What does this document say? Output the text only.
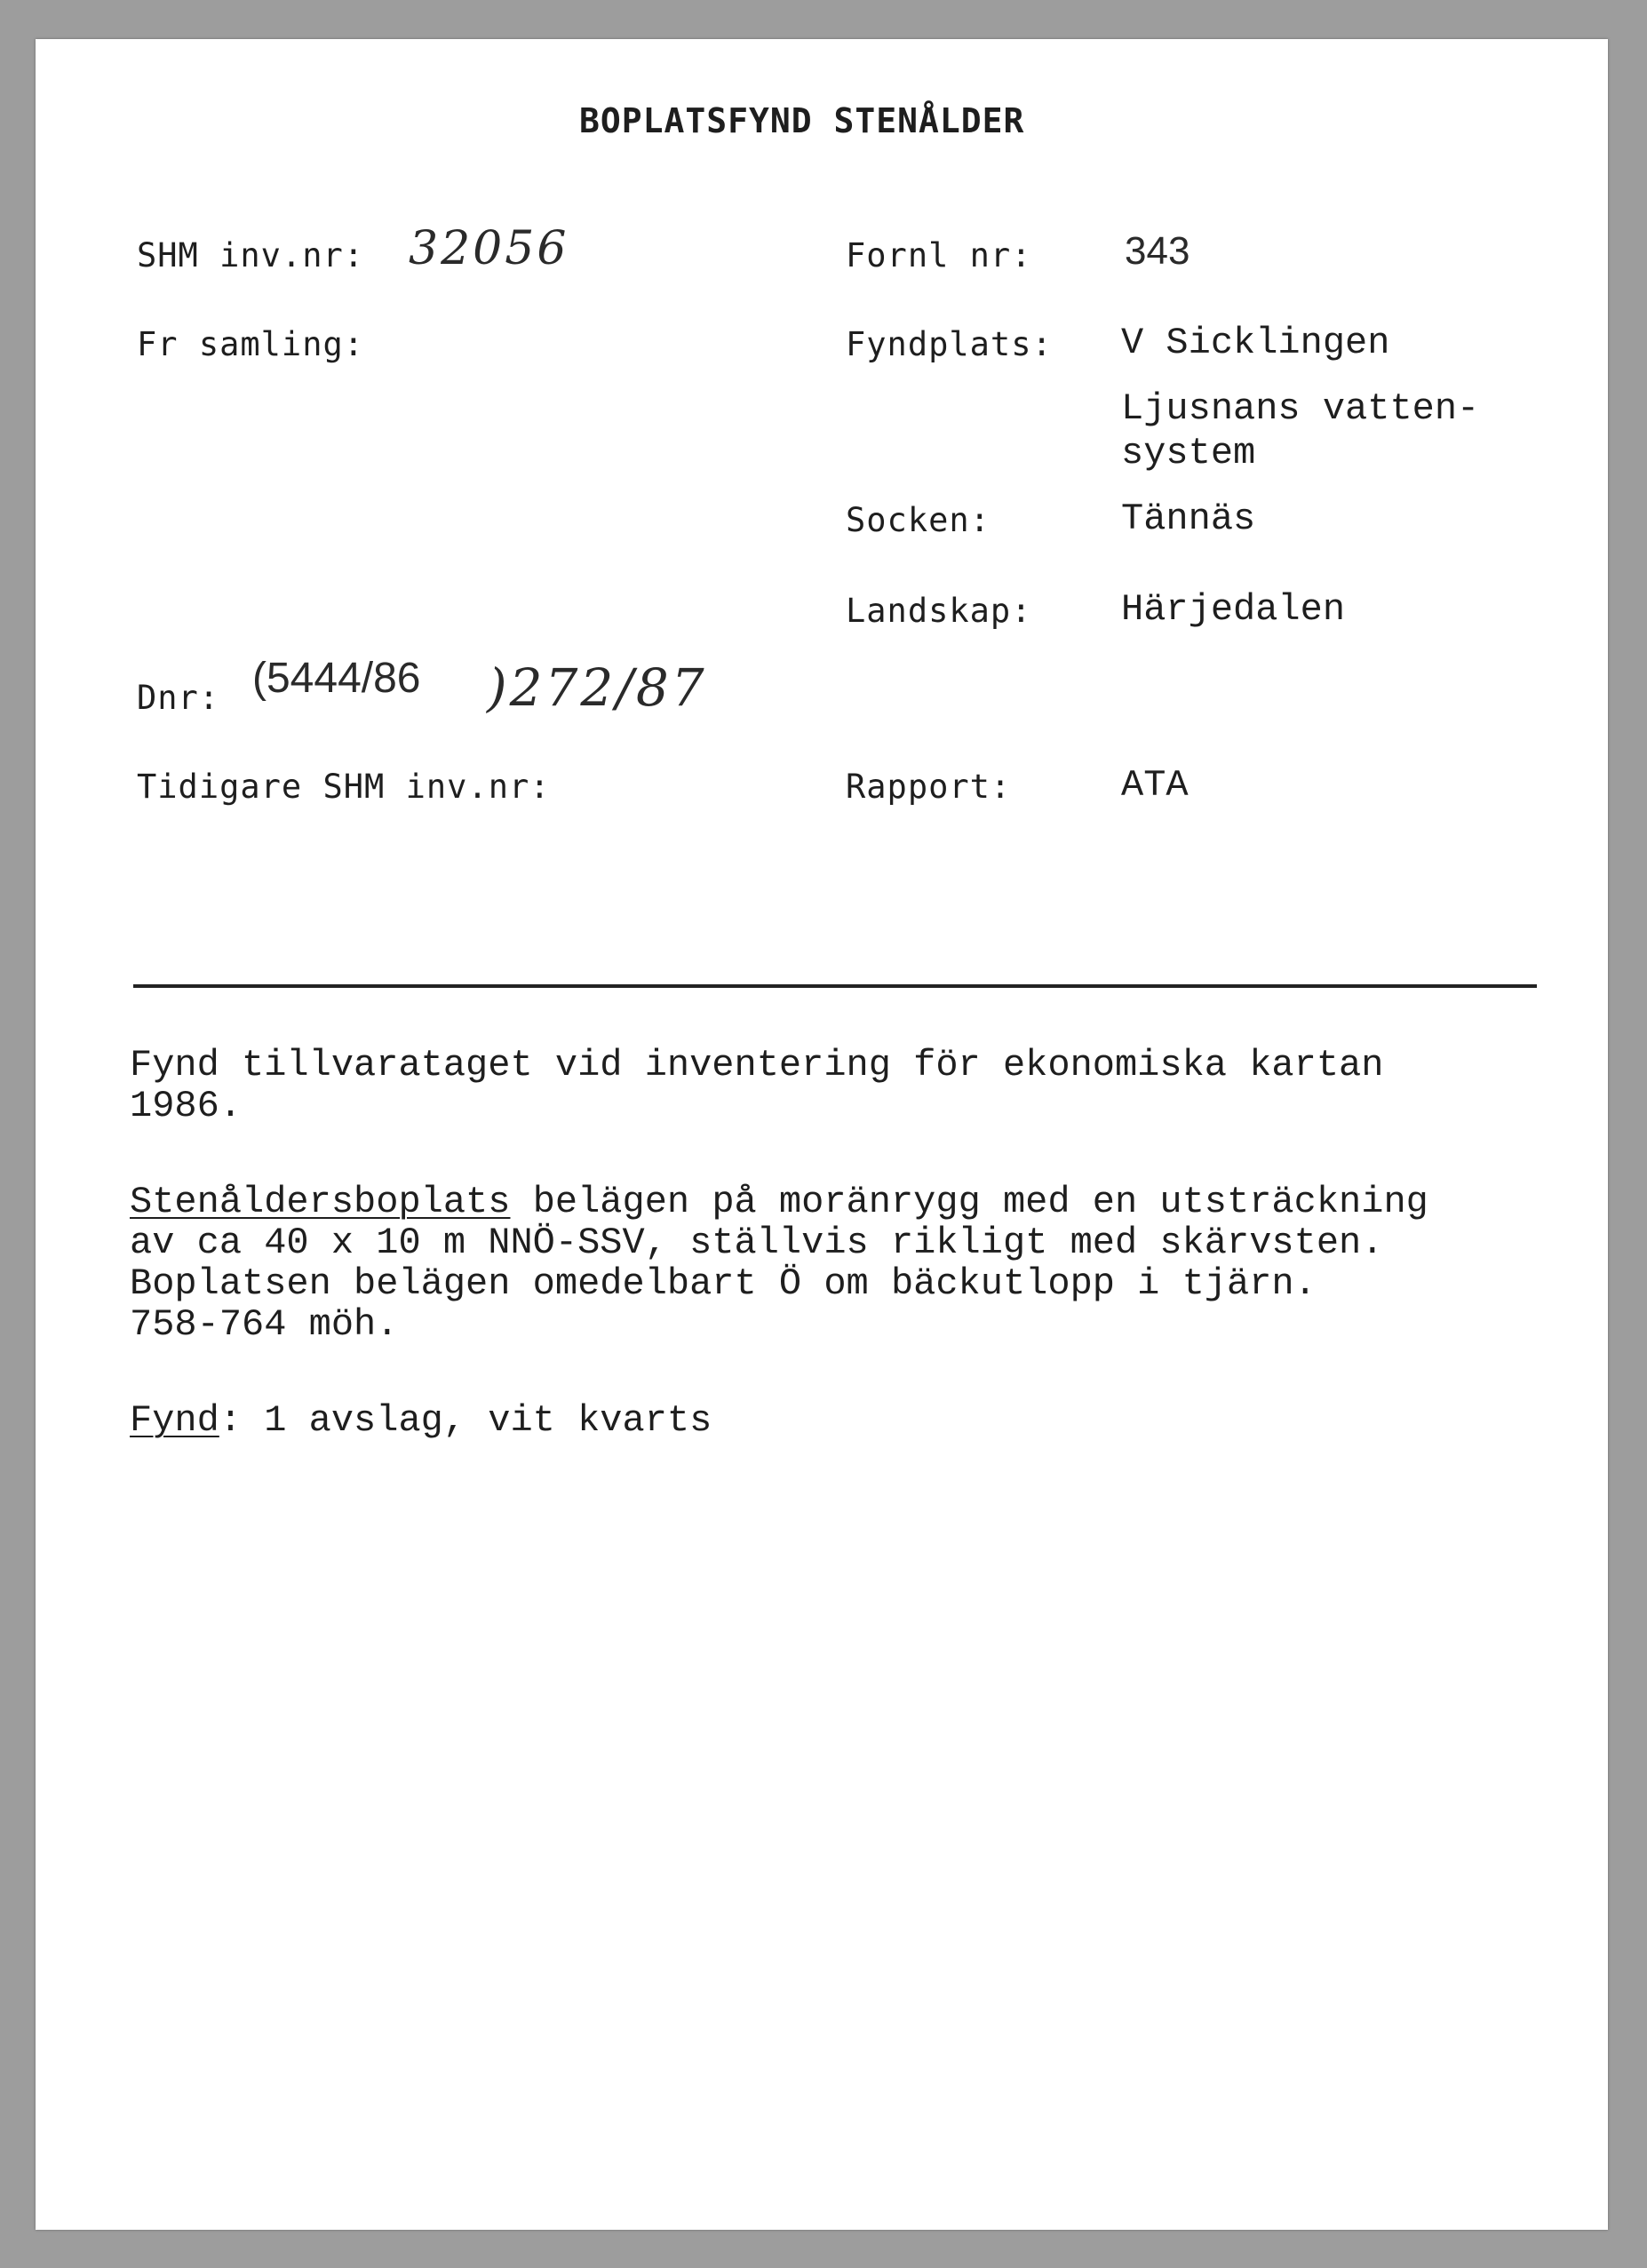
BOPLATSFYND STENÅLDER
SHM inv.nr: 32056
Fr samling:
Dnr: (5444/86 )272/87
Tidigare SHM inv.nr:
Fornl nr: 343
Fyndplats: V Sicklingen
Ljusnans vatten-
system
Socken:	Tännäs
Landskap: Härjedalen
Rapport:	ATA
Fynd tillvarataget vid inventering för ekonomiska kartan
1986.
Stenåldersboplats belägen på moränrygg med en utsträckning
av ca 40 x 10 m NNÖ-SSV, ställvis rikligt med skärvsten.
Boplatsen belägen omedelbart Ö om bäckutlopp i tjärn.
758-764 möh.
Fynd: 1 avslag, vit kvarts
